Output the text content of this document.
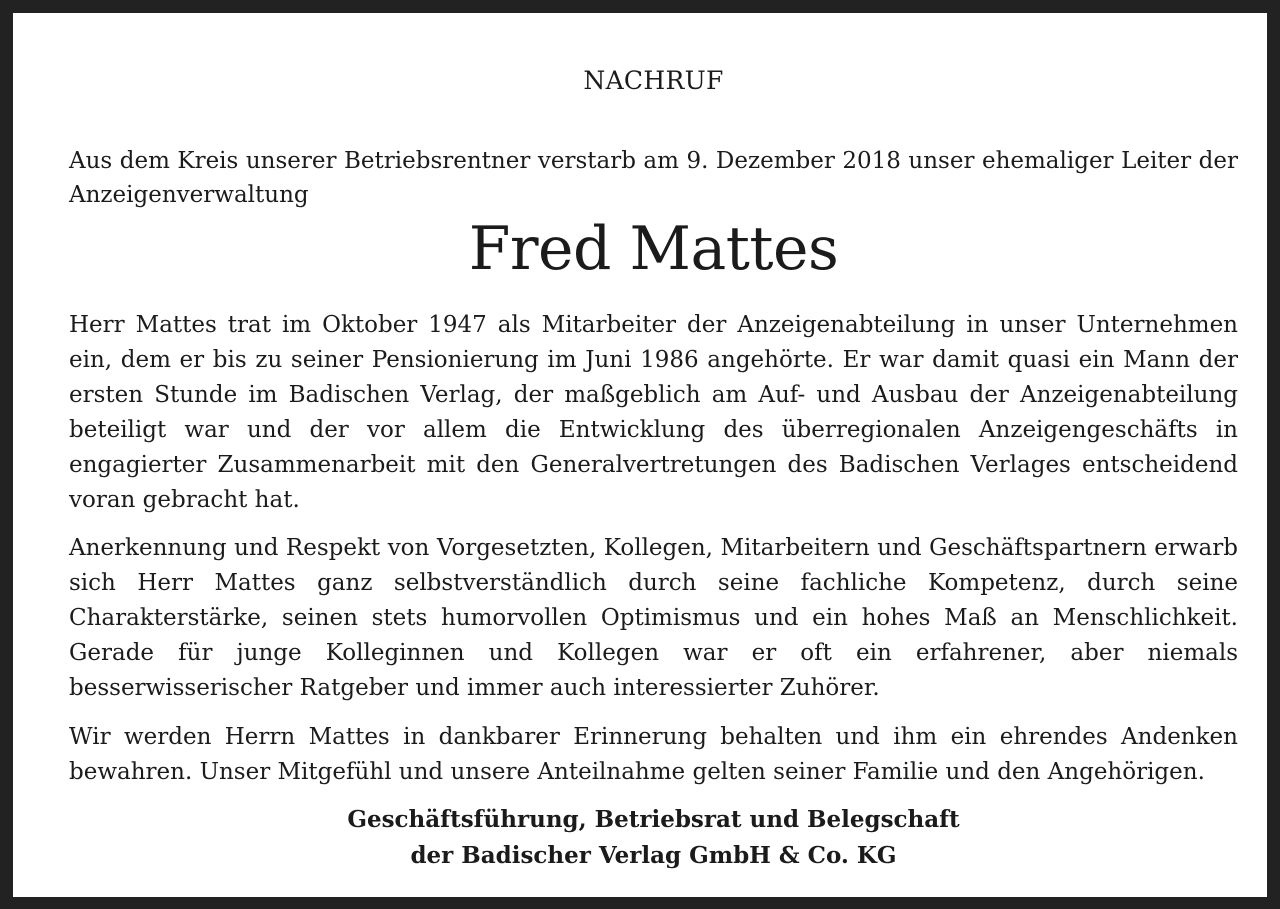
NACHRUF
Aus dem Kreis unserer Betriebsrentner verstarb am 9. Dezember 2018 unser ehemaliger Leiter der Anzeigenverwaltung
Fred Mattes
Herr Mattes trat im Oktober 1947 als Mitarbeiter der Anzeigenabteilung in unser Unternehmen ein, dem er bis zu seiner Pensionierung im Juni 1986 angehörte. Er war damit quasi ein Mann der ersten Stunde im Badischen Verlag, der maßgeblich am Auf- und Ausbau der Anzeigenabteilung beteiligt war und der vor allem die Entwicklung des überregionalen Anzeigengeschäfts in engagierter Zusammenarbeit mit den Generalvertretungen des Badischen Verlages entscheidend voran gebracht hat.
Anerkennung und Respekt von Vorgesetzten, Kollegen, Mitarbeitern und Geschäftspartnern erwarb sich Herr Mattes ganz selbstverständlich durch seine fachliche Kompetenz, durch seine Charakterstärke, seinen stets humorvollen Optimismus und ein hohes Maß an Menschlichkeit. Gerade für junge Kolleginnen und Kollegen war er oft ein erfahrener, aber niemals besserwisserischer Ratgeber und immer auch interessierter Zuhörer.
Wir werden Herrn Mattes in dankbarer Erinnerung behalten und ihm ein ehrendes Andenken bewahren. Unser Mitgefühl und unsere Anteilnahme gelten seiner Familie und den Angehörigen.
Geschäftsführung, Betriebsrat und Belegschaft
der Badischer Verlag GmbH & Co. KG
